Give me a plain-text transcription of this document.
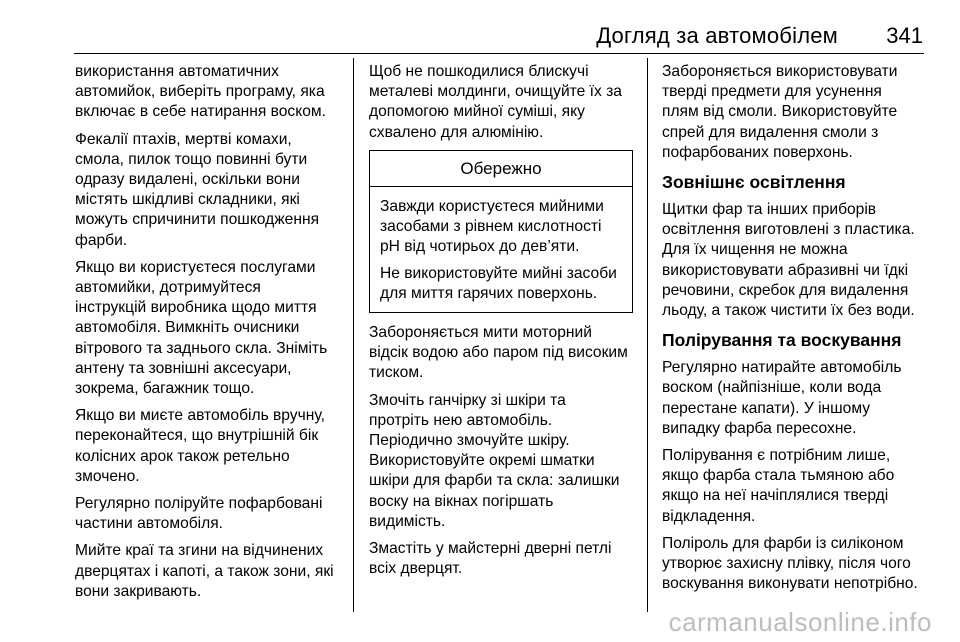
Догляд за автомобілем 341

використання автоматичних
автомийок, виберіть програму, яка
включає в себе натирання воском.

Фекалії птахів, мертві комахи,
смола, пилок тощо повинні бути
одразу видалені, оскільки вони
містять шкідливі складники, які
можуть спричинити пошкодження
фарби.

Якщо ви користуєтеся послугами
автомийки, дотримуйтеся
інструкцій виробника щодо миття
автомобіля. Вимкніть очисники
вітрового та заднього скла. Зніміть
антену та зовнішні аксесуари,
зокрема, багажник тощо.

Якщо ви миєте автомобіль вручну,
переконайтеся, що внутрішній бік
колісних арок також ретельно
змочено.

Регулярно поліруйте пофарбовані
частини автомобіля.

Мийте краї та згини на відчинених
дверцятах і капоті, а також зони, які
вони закривають.

Щоб не пошкодилися блискучі
металеві молдинги, очищуйте їх за
допомогою мийної суміші, яку
схвалено для алюмінію.

Обережно

Завжди користуєтеся мийними
засобами з рівнем кислотності
рН від чотирьох до дев’яти.

Не використовуйте мийні засоби
для миття гарячих поверхонь.

Забороняється мити моторний
відсік водою або паром під високим
тиском.

Змочіть ганчірку зі шкіри та
протріть нею автомобіль.
Періодично змочуйте шкіру.
Використовуйте окремі шматки
шкіри для фарби та скла: залишки
воску на вікнах погіршать
видимість.

Змастіть у майстерні дверні петлі
всіх дверцят.

Забороняється використовувати
тверді предмети для усунення
плям від смоли. Використовуйте
спрей для видалення смоли з
пофарбованих поверхонь.

Зовнішнє освітлення

Щитки фар та інших приборів
освітлення виготовлені з пластика.
Для їх чищення не можна
використовувати абразивні чи їдкі
речовини, скребок для видалення
льоду, а також чистити їх без води.

Полірування та воскування

Регулярно натирайте автомобіль
воском (найпізніше, коли вода
перестане капати). У іншому
випадку фарба пересохне.

Полірування є потрібним лише,
якщо фарба стала тьмяною або
якщо на неї начіплялися тверді
відкладення.

Поліроль для фарби із силіконом
утворює захисну плівку, після чого
воскування виконувати непотрібно.

carmanualsonline.info
